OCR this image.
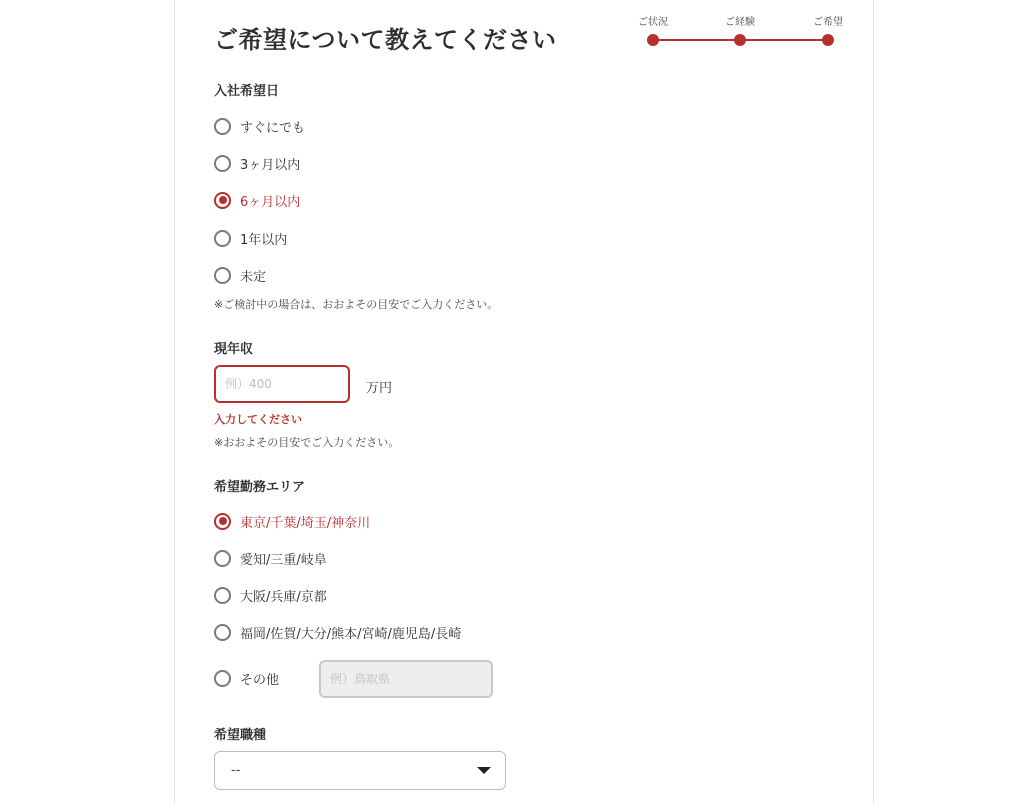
ご希望について教えてください
ご状況	ご経験	ご希望
入社希望日
すぐにでも
3ヶ月以内
6ヶ月以内
1年以内
未定
※ご検討中の場合は、おおよその目安でご入力ください。
現年収
例）400
万円
入力してください
※おおよその目安でご入力ください。
希望勤務エリア
東京/千葉/埼玉/神奈川
愛知/三重/岐阜
大阪/兵庫/京都
福岡/佐賀/大分/熊本/宮崎/鹿児島/長崎
その他
例）鳥取県
希望職種
--
